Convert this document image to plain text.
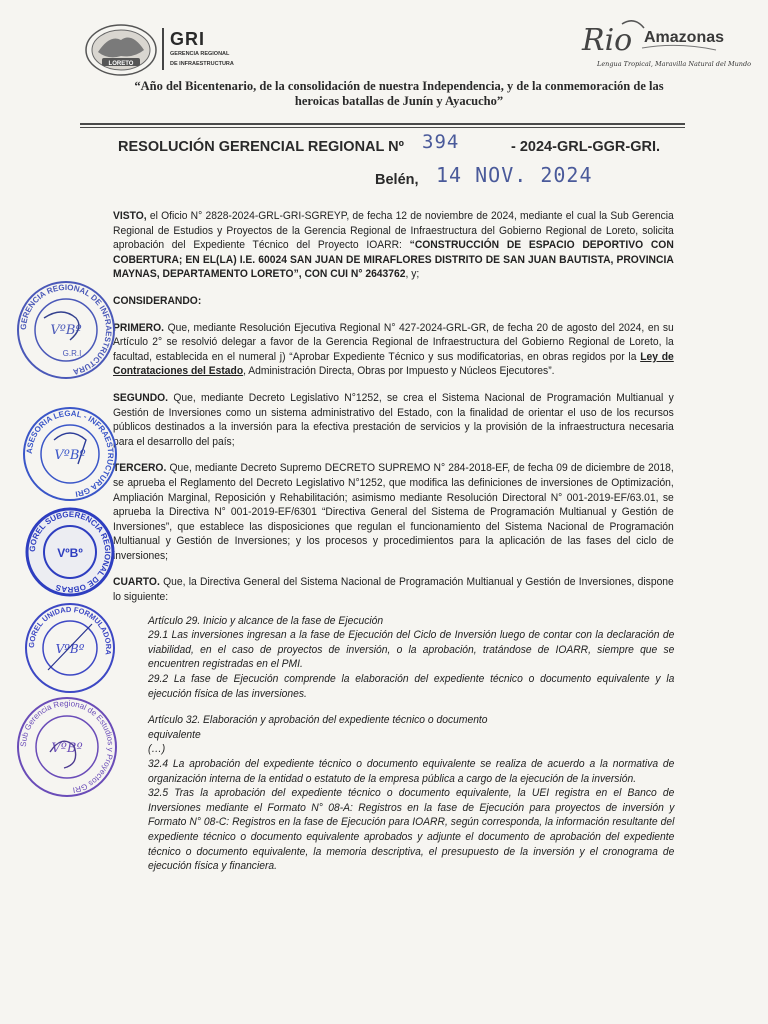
LORETO
GRI
GERENCIA REGIONAL
DE INFRAESTRUCTURA
Rio Amazonas
Lengua Tropical, Maravilla Natural del Mundo
“Año del Bicentenario, de la consolidación de nuestra Independencia, y de la conmemoración de las
heroicas batallas de Junín y Ayacucho”
RESOLUCIÓN GERENCIAL REGIONAL Nº 394	- 2024-GRL-GGR-GRI.
Belén, 14 NOV. 2024
VISTO, el Oficio N° 2828-2024-GRL-GRI-SGREYP, de fecha 12 de noviembre de 2024, mediante el cual la Sub Gerencia Regional de Estudios y Proyectos de la Gerencia Regional de Infraestructura del Gobierno Regional de Loreto, solicita aprobación del Expediente Técnico del Proyecto IOARR: “CONSTRUCCIÓN DE ESPACIO DEPORTIVO CON COBERTURA; EN EL(LA) I.E. 60024 SAN JUAN DE MIRAFLORES DISTRITO DE SAN JUAN BAUTISTA, PROVINCIA MAYNAS, DEPARTAMENTO LORETO”, CON CUI N° 2643762, y;
CONSIDERANDO:
PRIMERO. Que, mediante Resolución Ejecutiva Regional N° 427-2024-GRL-GR, de fecha 20 de agosto del 2024, en su Artículo 2° se resolvió delegar a favor de la Gerencia Regional de Infraestructura del Gobierno Regional de Loreto, la facultad, establecida en el numeral j) “Aprobar Expediente Técnico y sus modificatorias, en obras regidos por la Ley de Contrataciones del Estado, Administración Directa, Obras por Impuesto y Núcleos Ejecutores”.
SEGUNDO. Que, mediante Decreto Legislativo N°1252, se crea el Sistema Nacional de Programación Multianual y Gestión de Inversiones como un sistema administrativo del Estado, con la finalidad de orientar el uso de los recursos públicos destinados a la inversión para la efectiva prestación de servicios y la provisión de la infraestructura necesaria para el desarrollo del país;
TERCERO. Que, mediante Decreto Supremo DECRETO SUPREMO N° 284-2018-EF, de fecha 09 de diciembre de 2018, se aprueba el Reglamento del Decreto Legislativo N°1252, que modifica las definiciones de inversiones de Optimización, Ampliación Marginal, Reposición y Rehabilitación; asimismo mediante Resolución Directoral N° 001-2019-EF/63.01, se aprueba la Directiva N° 001-2019-EF/6301 “Directiva General del Sistema de Programación Multianual y Gestión de Inversiones”, que establece las disposiciones que regulan el funcionamiento del Sistema Nacional de Programación Multianual y Gestión de Inversiones; y los procesos y procedimientos para la aplicación de las fases del ciclo de inversiones;
CUARTO. Que, la Directiva General del Sistema Nacional de Programación Multianual y Gestión de Inversiones, dispone lo siguiente:
Artículo 29. Inicio y alcance de la fase de Ejecución
29.1 Las inversiones ingresan a la fase de Ejecución del Ciclo de Inversión luego de contar con la declaración de viabilidad, en el caso de proyectos de inversión, o la aprobación, tratándose de IOARR, siempre que se encuentren registradas en el PMI.
29.2 La fase de Ejecución comprende la elaboración del expediente técnico o documento equivalente y la ejecución física de las inversiones.
Artículo 32. Elaboración y aprobación del expediente técnico o documento
equivalente
(…)
32.4 La aprobación del expediente técnico o documento equivalente se realiza de acuerdo a la normativa de organización interna de la entidad o estatuto de la empresa pública a cargo de la ejecución de la inversión.
32.5 Tras la aprobación del expediente técnico o documento equivalente, la UEI registra en el Banco de Inversiones mediante el Formato N° 08-A: Registros en la fase de Ejecución para proyectos de inversión y Formato N° 08-C: Registros en la fase de Ejecución para IOARR, según corresponda, la información resultante del expediente técnico o documento equivalente aprobados y adjunte el documento de aprobación del expediente técnico o documento equivalente, la memoria descriptiva, el presupuesto de la inversión y el cronograma de ejecución física y financiera.
GERENCIA REGIONAL DE INFRAESTRUCTURA
VºBº
G.R.I
ASESORIA LEGAL - INFRAESTRUCTURA GRI
VºBº
GOREL SUBGERENCIA REGIONAL DE OBRAS
VºBº
GOREL UNIDAD FORMULADORA
VºBº
Sub Gerencia Regional de Estudios y Proyectos GRI
VºBº
